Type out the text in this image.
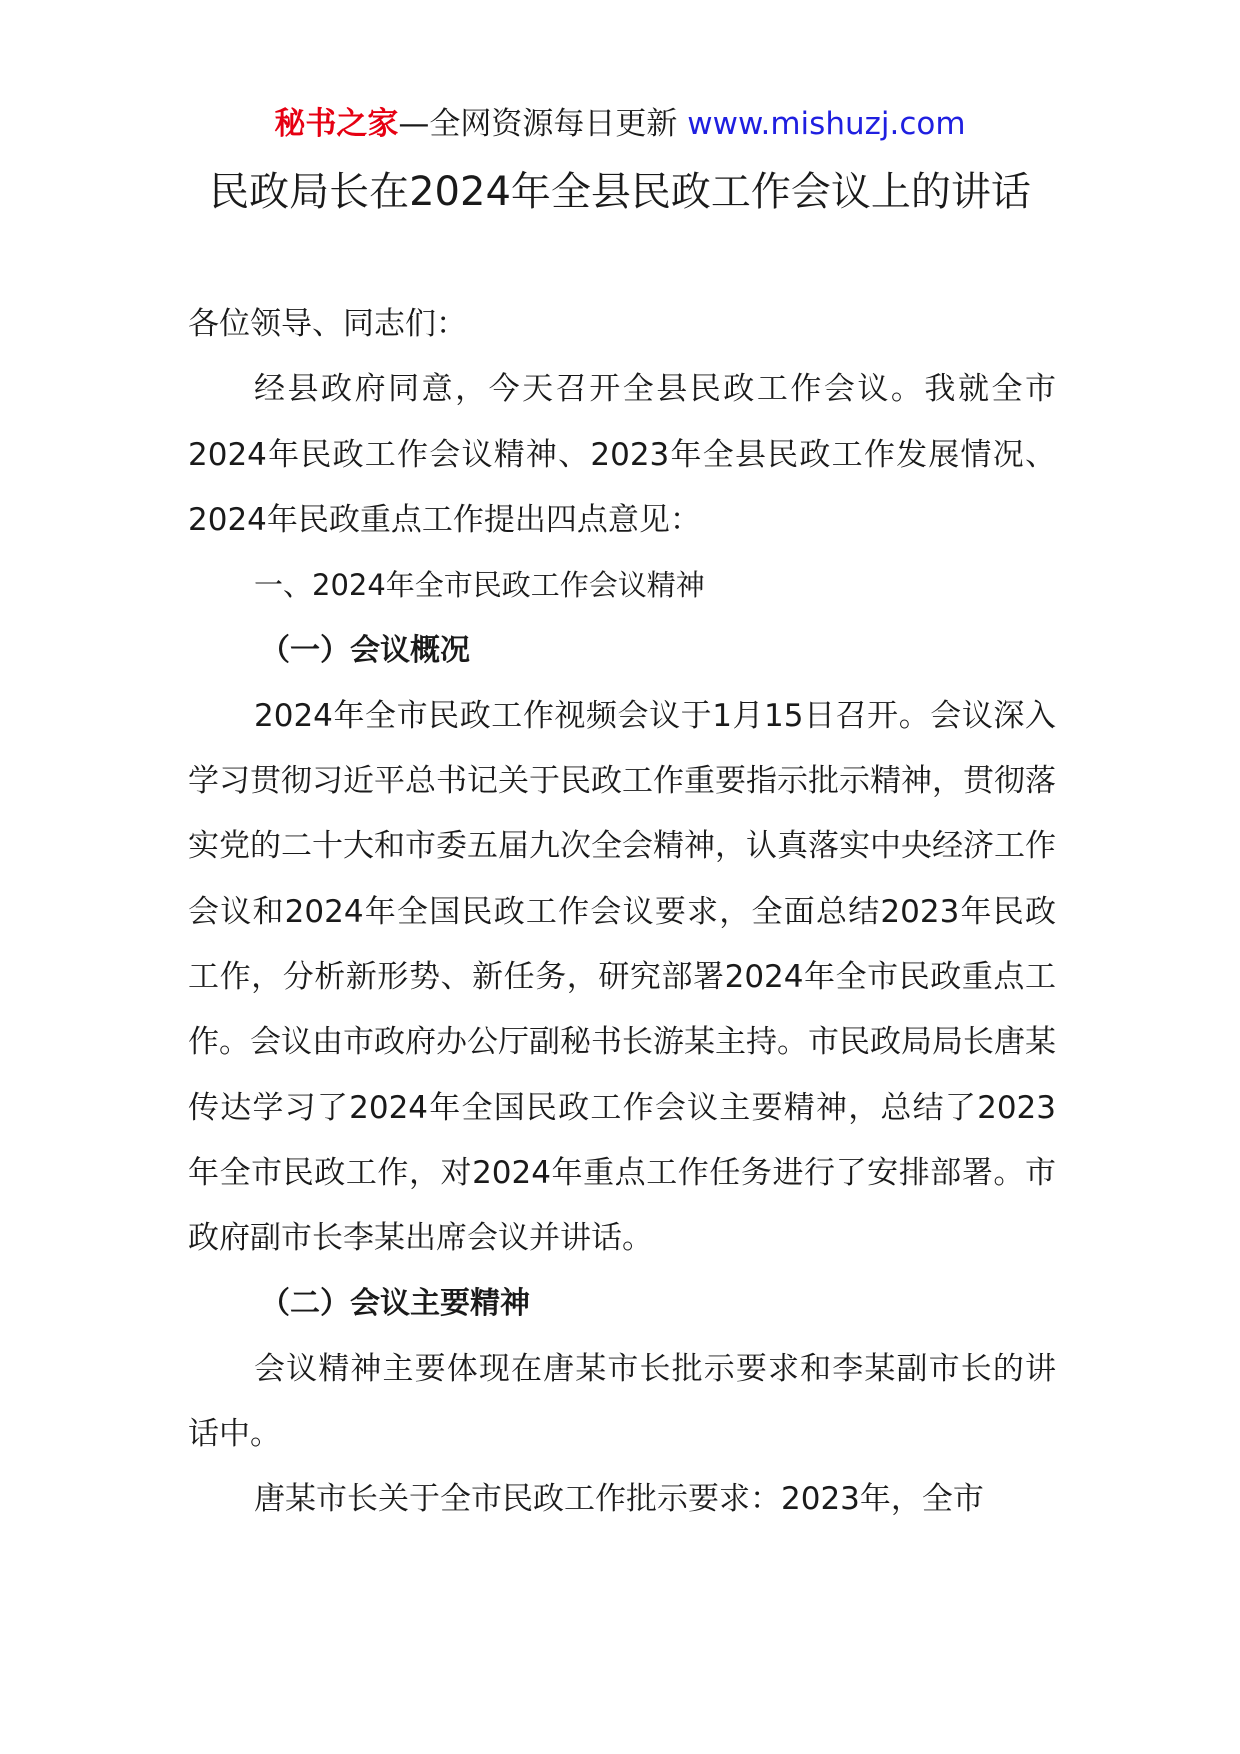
秘书之家—全网资源每日更新 www.mishuzj.com
民政局长在2024年全县民政工作会议上的讲话

各位领导、同志们：

经县政府同意，今天召开全县民政工作会议。我就全市2024年民政工作会议精神、2023年全县民政工作发展情况、2024年民政重点工作提出四点意见：

一、2024年全市民政工作会议精神

（一）会议概况

2024年全市民政工作视频会议于1月15日召开。会议深入学习贯彻习近平总书记关于民政工作重要指示批示精神，贯彻落实党的二十大和市委五届九次全会精神，认真落实中央经济工作会议和2024年全国民政工作会议要求，全面总结2023年民政工作，分析新形势、新任务，研究部署2024年全市民政重点工作。会议由市政府办公厅副秘书长游某主持。市民政局局长唐某传达学习了2024年全国民政工作会议主要精神，总结了2023年全市民政工作，对2024年重点工作任务进行了安排部署。市政府副市长李某出席会议并讲话。

（二）会议主要精神

会议精神主要体现在唐某市长批示要求和李某副市长的讲话中。

唐某市长关于全市民政工作批示要求：2023年，全市
